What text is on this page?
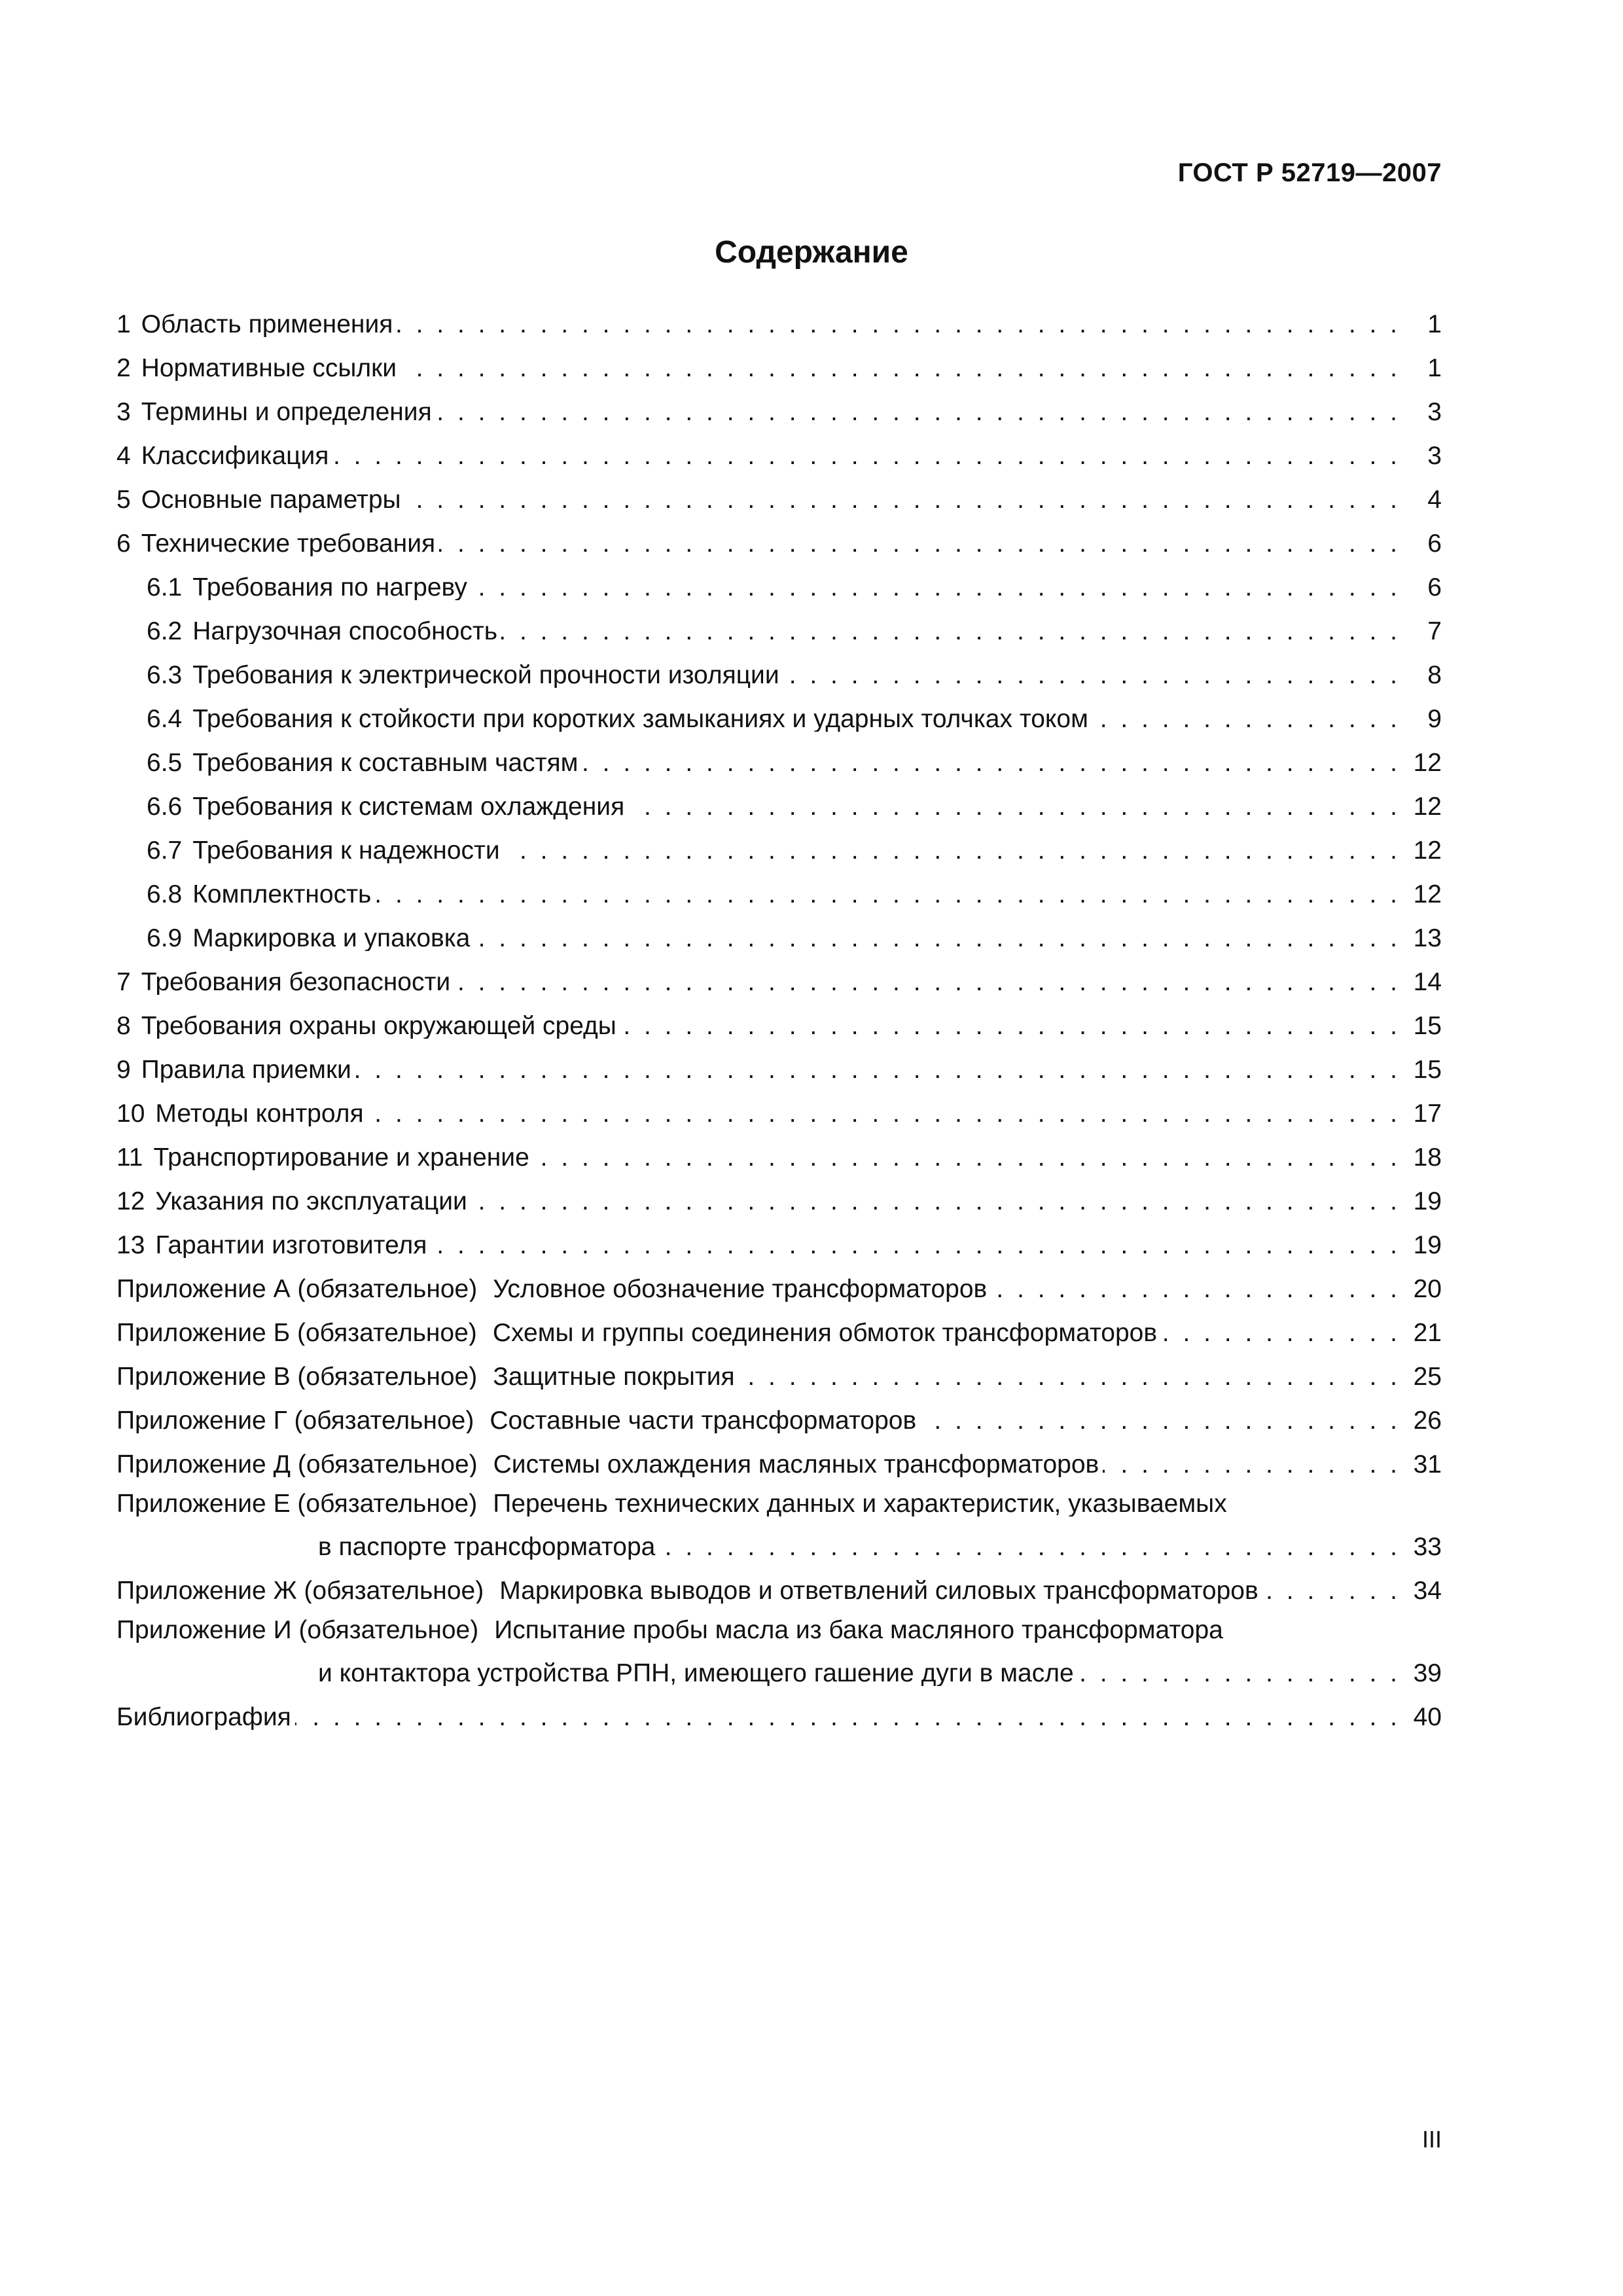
ГОСТ Р 52719—2007
Содержание
1 Область применения . . .	1
2 Нормативные ссылки . . .	1
3 Термины и определения . . .	3
4 Классификация . . .	3
5 Основные параметры . . .	4
6 Технические требования . . .	6
6.1 Требования по нагреву . . .	6
6.2 Нагрузочная способность . . .	7
6.3 Требования к электрической прочности изоляции . . .	8
6.4 Требования к стойкости при коротких замыканиях и ударных толчках током . . .	9
6.5 Требования к составным частям . . .	12
6.6 Требования к системам охлаждения . . .	12
6.7 Требования к надежности . . .	12
6.8 Комплектность . . .	12
6.9 Маркировка и упаковка . . .	13
7 Требования безопасности . . .	14
8 Требования охраны окружающей среды . . .	15
9 Правила приемки . . .	15
10 Методы контроля . . .	17
11 Транспортирование и хранение . . .	18
12 Указания по эксплуатации . . .	19
13 Гарантии изготовителя . . .	19
Приложение А (обязательное) Условное обозначение трансформаторов . . .	20
Приложение Б (обязательное) Схемы и группы соединения обмоток трансформаторов . . .	21
Приложение В (обязательное) Защитные покрытия . . .	25
Приложение Г (обязательное) Составные части трансформаторов . . .	26
Приложение Д (обязательное) Системы охлаждения масляных трансформаторов . . .	31
Приложение Е (обязательное) Перечень технических данных и характеристик, указываемых
в паспорте трансформатора . . .	33
Приложение Ж (обязательное) Маркировка выводов и ответвлений силовых трансформаторов . . .	34
Приложение И (обязательное) Испытание пробы масла из бака масляного трансформатора
и контактора устройства РПН, имеющего гашение дуги в масле . . .	39
Библиография . . .	40
III
